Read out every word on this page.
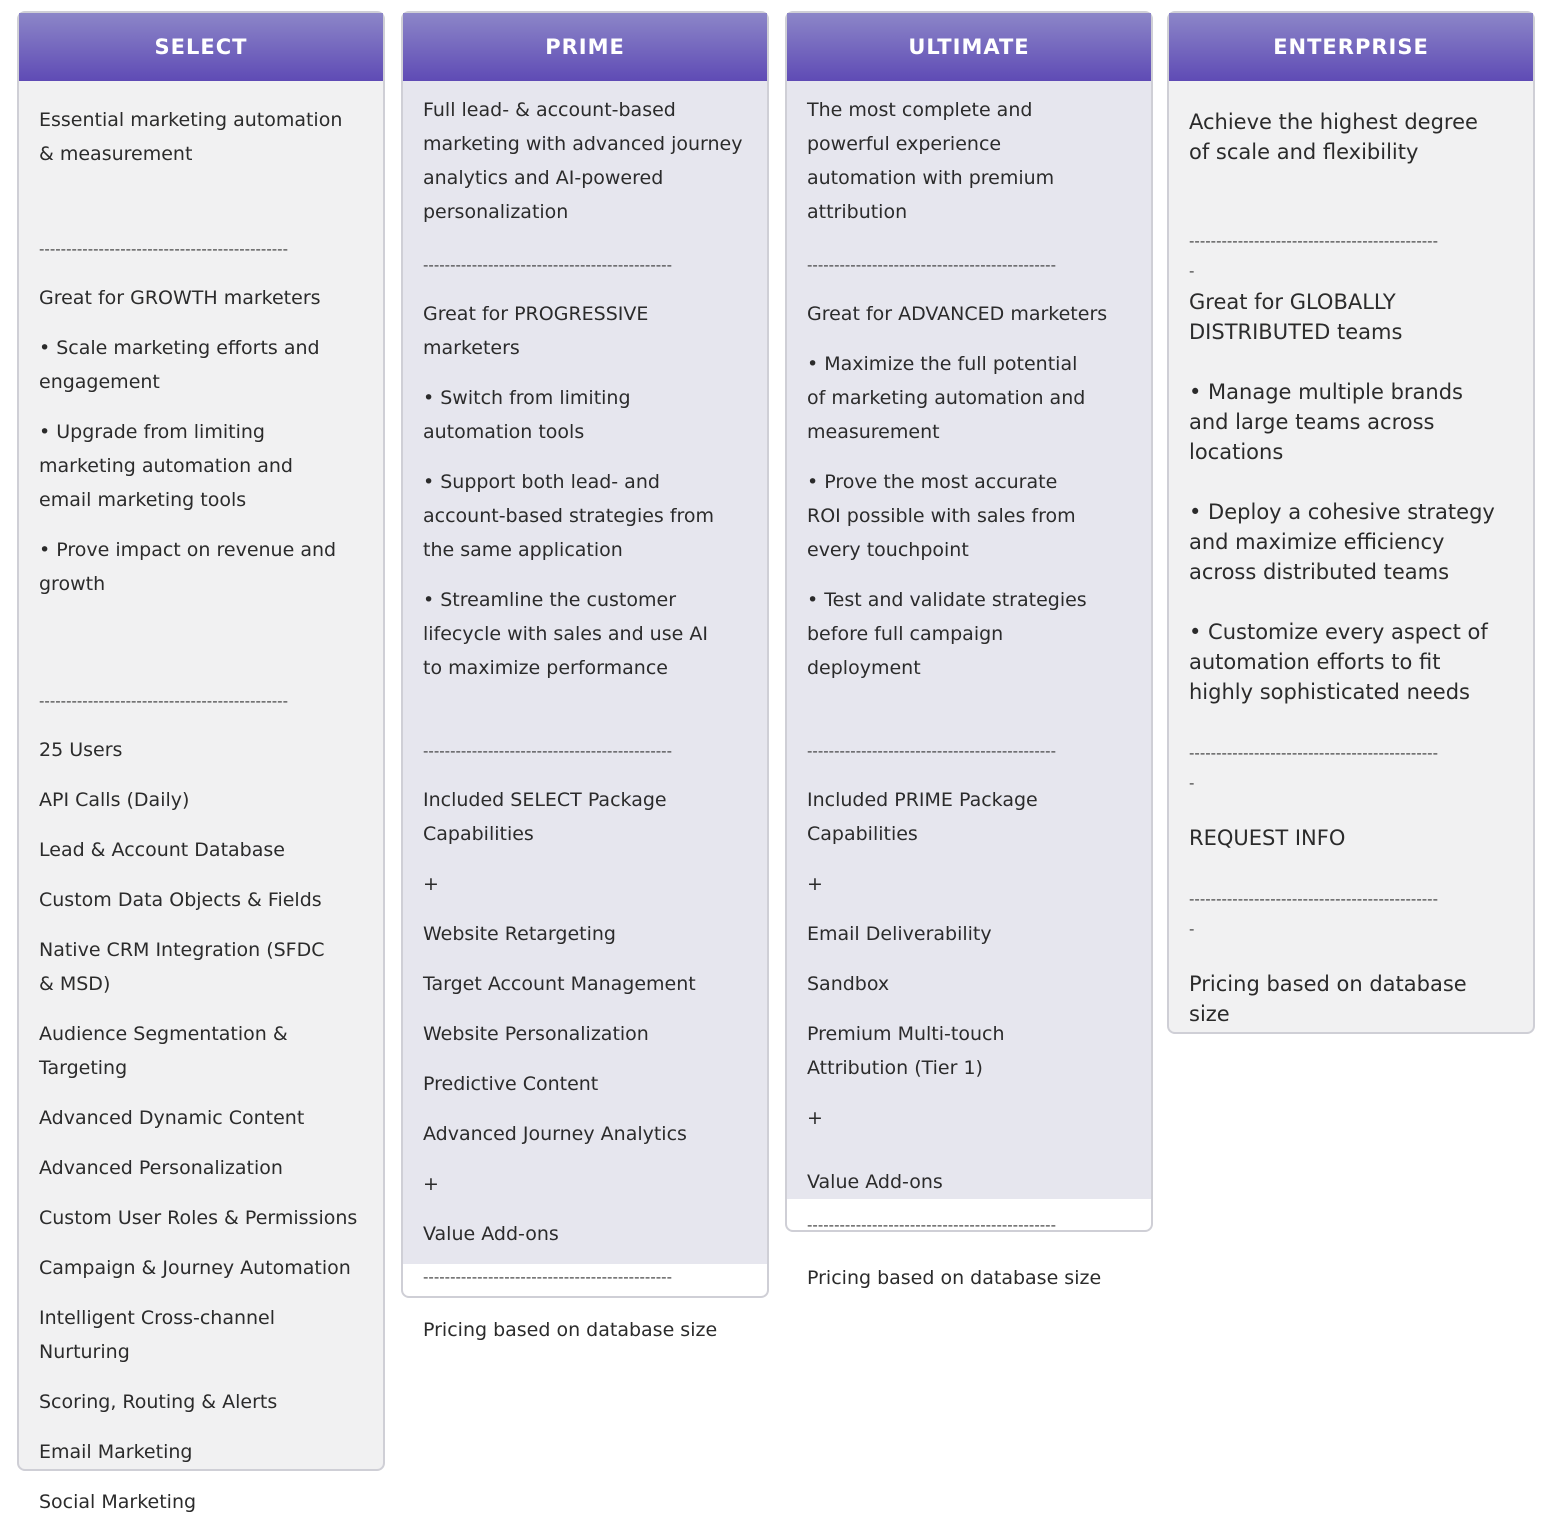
SELECT

Essential marketing automation & measurement

----------------------------------------------

Great for GROWTH marketers

• Scale marketing efforts and engagement

• Upgrade from limiting marketing automation and email marketing tools

• Prove impact on revenue and growth

----------------------------------------------

25 Users

API Calls (Daily)

Lead & Account Database

Custom Data Objects & Fields

Native CRM Integration (SFDC & MSD)

Audience Segmentation & Targeting

Advanced Dynamic Content

Advanced Personalization

Custom User Roles & Permissions

Campaign & Journey Automation

Intelligent Cross-channel Nurturing

Scoring, Routing & Alerts

Email Marketing

Social Marketing

PRIME

Full lead- & account-based marketing with advanced journey analytics and AI-powered personalization

----------------------------------------------

Great for PROGRESSIVE marketers

• Switch from limiting automation tools

• Support both lead- and account-based strategies from the same application

• Streamline the customer lifecycle with sales and use AI to maximize performance

----------------------------------------------

Included SELECT Package Capabilities

+

Website Retargeting

Target Account Management

Website Personalization

Predictive Content

Advanced Journey Analytics

+

Value Add-ons

----------------------------------------------

Pricing based on database size

ULTIMATE

The most complete and powerful experience automation with premium attribution

----------------------------------------------

Great for ADVANCED marketers

• Maximize the full potential of marketing automation and measurement

• Prove the most accurate ROI possible with sales from every touchpoint

• Test and validate strategies before full campaign deployment

----------------------------------------------

Included PRIME Package Capabilities

+

Email Deliverability

Sandbox

Premium Multi-touch Attribution (Tier 1)

+

Value Add-ons

----------------------------------------------

Pricing based on database size

ENTERPRISE

Achieve the highest degree of scale and flexibility

----------------------------------------------
-

Great for GLOBALLY DISTRIBUTED teams

• Manage multiple brands and large teams across locations

• Deploy a cohesive strategy and maximize efficiency across distributed teams

• Customize every aspect of automation efforts to fit highly sophisticated needs

----------------------------------------------
-

REQUEST INFO

----------------------------------------------
-

Pricing based on database size
